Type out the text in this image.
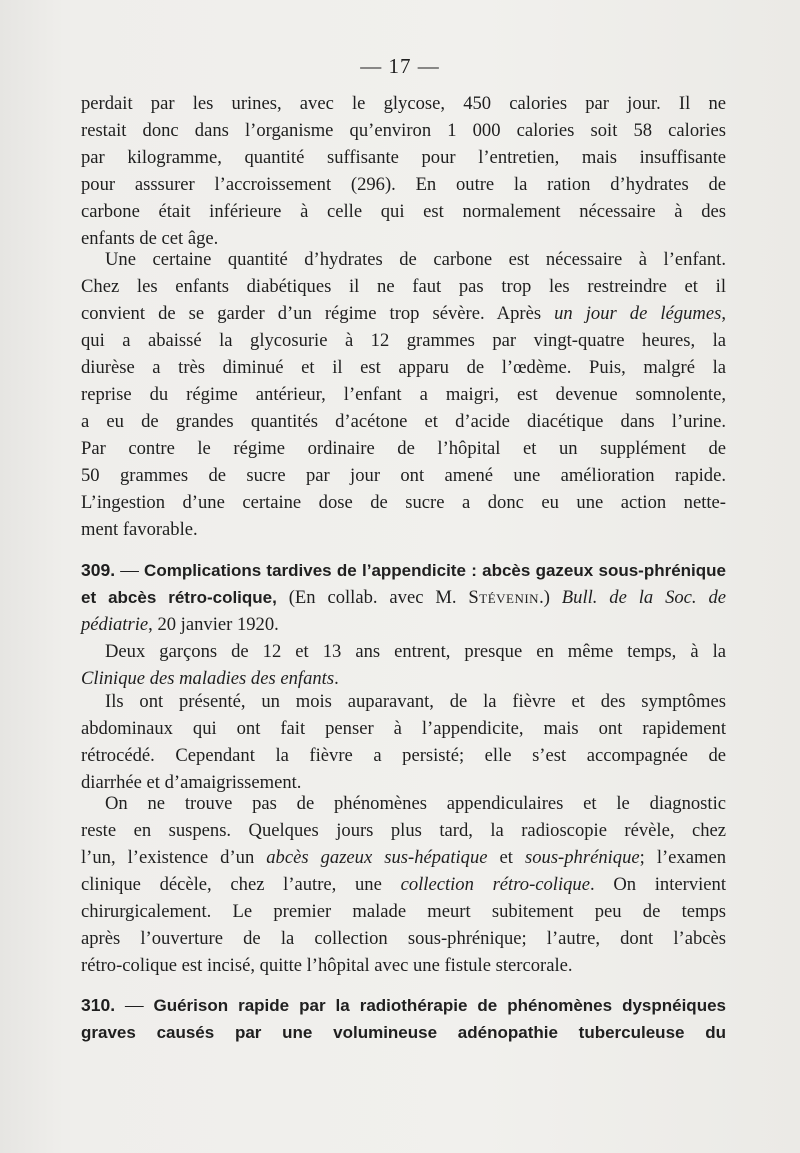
— 17 —
perdait par les urines, avec le glycose, 450 calories par jour. Il ne
restait donc dans l’organisme qu’environ 1 000 calories soit 58 calories
par kilogramme, quantité suffisante pour l’entretien, mais insuffisante
pour asssurer l’accroissement (296). En outre la ration d’hydrates de
carbone était inférieure à celle qui est normalement nécessaire à des
enfants de cet âge.
Une certaine quantité d’hydrates de carbone est nécessaire à l’enfant.
Chez les enfants diabétiques il ne faut pas trop les restreindre et il
convient de se garder d’un régime trop sévère. Après un jour de légumes,
qui a abaissé la glycosurie à 12 grammes par vingt-quatre heures, la
diurèse a très diminué et il est apparu de l’œdème. Puis, malgré la
reprise du régime antérieur, l’enfant a maigri, est devenue somnolente,
a eu de grandes quantités d’acétone et d’acide diacétique dans l’urine.
Par contre le régime ordinaire de l’hôpital et un supplément de
50 grammes de sucre par jour ont amené une amélioration rapide.
L’ingestion d’une certaine dose de sucre a donc eu une action nette-
ment favorable.
309. — Complications tardives de l’appendicite : abcès gazeux sous-phrénique
et abcès rétro-colique, (En collab. avec M. Stévenin.) Bull. de la Soc. de
pédiatrie, 20 janvier 1920.
Deux garçons de 12 et 13 ans entrent, presque en même temps, à la
Clinique des maladies des enfants.
Ils ont présenté, un mois auparavant, de la fièvre et des symptômes
abdominaux qui ont fait penser à l’appendicite, mais ont rapidement
rétrocédé. Cependant la fièvre a persisté; elle s’est accompagnée de
diarrhée et d’amaigrissement.
On ne trouve pas de phénomènes appendiculaires et le diagnostic
reste en suspens. Quelques jours plus tard, la radioscopie révèle, chez
l’un, l’existence d’un abcès gazeux sus-hépatique et sous-phrénique; l’examen
clinique décèle, chez l’autre, une collection rétro-colique. On intervient
chirurgicalement. Le premier malade meurt subitement peu de temps
après l’ouverture de la collection sous-phrénique; l’autre, dont l’abcès
rétro-colique est incisé, quitte l’hôpital avec une fistule stercorale.
310. — Guérison rapide par la radiothérapie de phénomènes dyspnéiques
graves causés par une volumineuse adénopathie tuberculeuse du
